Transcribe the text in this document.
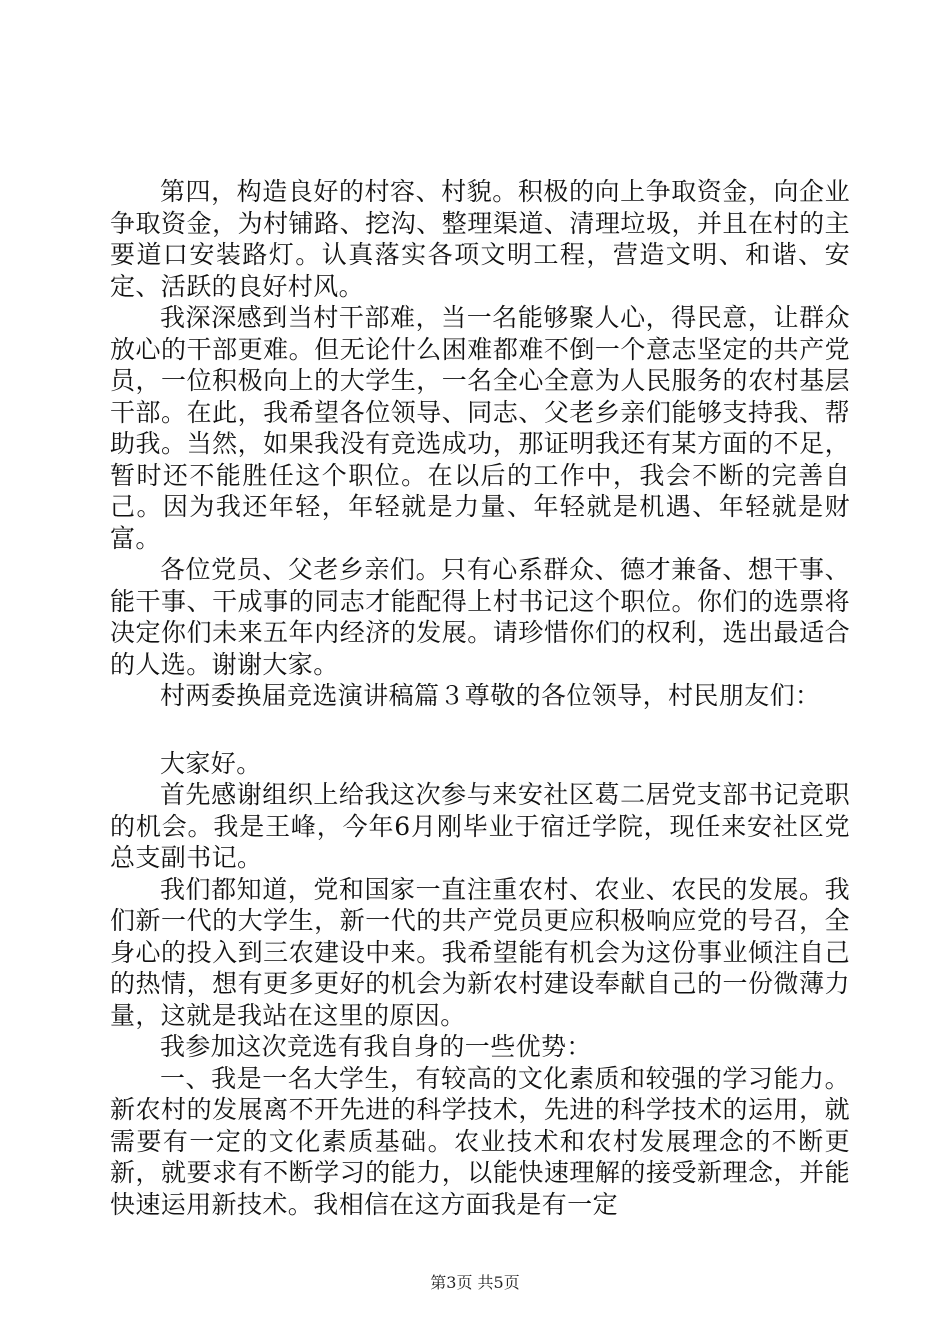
第四，构造良好的村容、村貌。积极的向上争取资金，向企业争取资金，为村铺路、挖沟、整理渠道、清理垃圾，并且在村的主要道口安装路灯。认真落实各项文明工程，营造文明、和谐、安定、活跃的良好村风。

我深深感到当村干部难，当一名能够聚人心，得民意，让群众放心的干部更难。但无论什么困难都难不倒一个意志坚定的共产党员，一位积极向上的大学生，一名全心全意为人民服务的农村基层干部。在此，我希望各位领导、同志、父老乡亲们能够支持我、帮助我。当然，如果我没有竞选成功，那证明我还有某方面的不足，暂时还不能胜任这个职位。在以后的工作中，我会不断的完善自己。因为我还年轻，年轻就是力量、年轻就是机遇、年轻就是财富。

各位党员、父老乡亲们。只有心系群众、德才兼备、想干事、能干事、干成事的同志才能配得上村书记这个职位。你们的选票将决定你们未来五年内经济的发展。请珍惜你们的权利，选出最适合的人选。谢谢大家。

村两委换届竞选演讲稿篇３尊敬的各位领导，村民朋友们：

大家好。

首先感谢组织上给我这次参与来安社区葛二居党支部书记竞职的机会。我是王峰，今年6月刚毕业于宿迁学院，现任来安社区党总支副书记。

我们都知道，党和国家一直注重农村、农业、农民的发展。我们新一代的大学生，新一代的共产党员更应积极响应党的号召，全身心的投入到三农建设中来。我希望能有机会为这份事业倾注自己的热情，想有更多更好的机会为新农村建设奉献自己的一份微薄力量，这就是我站在这里的原因。

我参加这次竞选有我自身的一些优势：

一、我是一名大学生，有较高的文化素质和较强的学习能力。新农村的发展离不开先进的科学技术，先进的科学技术的运用，就需要有一定的文化素质基础。农业技术和农村发展理念的不断更新，就要求有不断学习的能力，以能快速理解的接受新理念，并能快速运用新技术。我相信在这方面我是有一定

第3页 共5页
